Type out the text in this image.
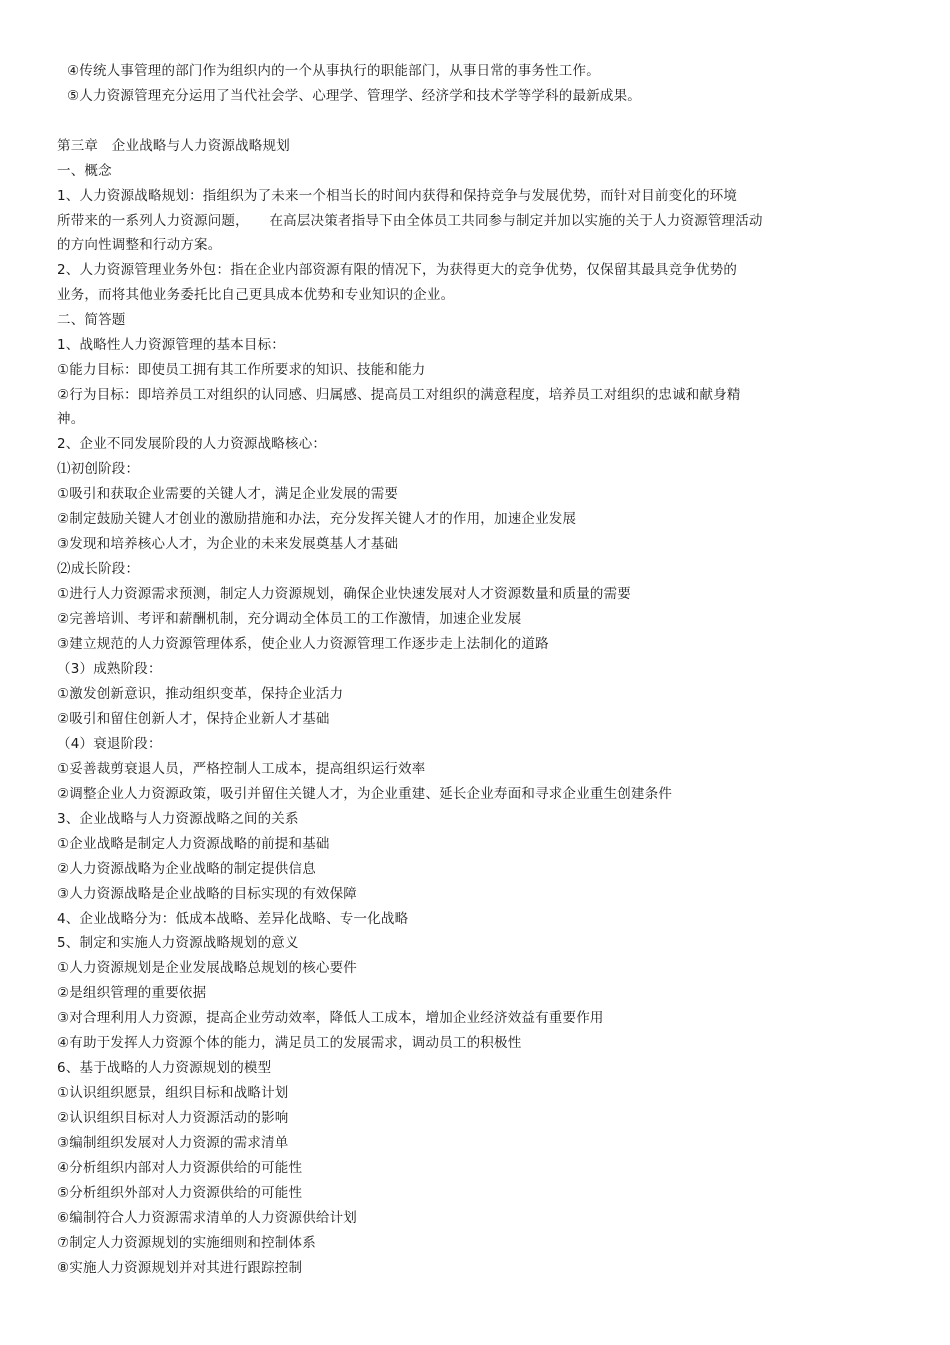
④传统人事管理的部门作为组织内的一个从事执行的职能部门，从事日常的事务性工作。
⑤人力资源管理充分运用了当代社会学、心理学、管理学、经济学和技术学等学科的最新成果。
第三章　企业战略与人力资源战略规划
一、概念
1、人力资源战略规划：指组织为了未来一个相当长的时间内获得和保持竞争与发展优势，而针对目前变化的环境
所带来的一系列人力资源问题，　　在高层决策者指导下由全体员工共同参与制定并加以实施的关于人力资源管理活动
的方向性调整和行动方案。
2、人力资源管理业务外包：指在企业内部资源有限的情况下，为获得更大的竞争优势，仅保留其最具竞争优势的
业务，而将其他业务委托比自己更具成本优势和专业知识的企业。
二、简答题
1、战略性人力资源管理的基本目标：
①能力目标：即使员工拥有其工作所要求的知识、技能和能力
②行为目标：即培养员工对组织的认同感、归属感、提高员工对组织的满意程度，培养员工对组织的忠诚和献身精
神。
2、企业不同发展阶段的人力资源战略核心：
⑴初创阶段：
①吸引和获取企业需要的关键人才，满足企业发展的需要
②制定鼓励关键人才创业的激励措施和办法，充分发挥关键人才的作用，加速企业发展
③发现和培养核心人才，为企业的未来发展奠基人才基础
⑵成长阶段：
①进行人力资源需求预测，制定人力资源规划，确保企业快速发展对人才资源数量和质量的需要
②完善培训、考评和薪酬机制，充分调动全体员工的工作激情，加速企业发展
③建立规范的人力资源管理体系，使企业人力资源管理工作逐步走上法制化的道路
（3）成熟阶段：
①激发创新意识，推动组织变革，保持企业活力
②吸引和留住创新人才，保持企业新人才基础
（4）衰退阶段：
①妥善裁剪衰退人员，严格控制人工成本，提高组织运行效率
②调整企业人力资源政策，吸引并留住关键人才，为企业重建、延长企业寿面和寻求企业重生创建条件
3、企业战略与人力资源战略之间的关系
①企业战略是制定人力资源战略的前提和基础
②人力资源战略为企业战略的制定提供信息
③人力资源战略是企业战略的目标实现的有效保障
4、企业战略分为：低成本战略、差异化战略、专一化战略
5、制定和实施人力资源战略规划的意义
①人力资源规划是企业发展战略总规划的核心要件
②是组织管理的重要依据
③对合理利用人力资源，提高企业劳动效率，降低人工成本，增加企业经济效益有重要作用
④有助于发挥人力资源个体的能力，满足员工的发展需求，调动员工的积极性
6、基于战略的人力资源规划的模型
①认识组织愿景，组织目标和战略计划
②认识组织目标对人力资源活动的影响
③编制组织发展对人力资源的需求清单
④分析组织内部对人力资源供给的可能性
⑤分析组织外部对人力资源供给的可能性
⑥编制符合人力资源需求清单的人力资源供给计划
⑦制定人力资源规划的实施细则和控制体系
⑧实施人力资源规划并对其进行跟踪控制
